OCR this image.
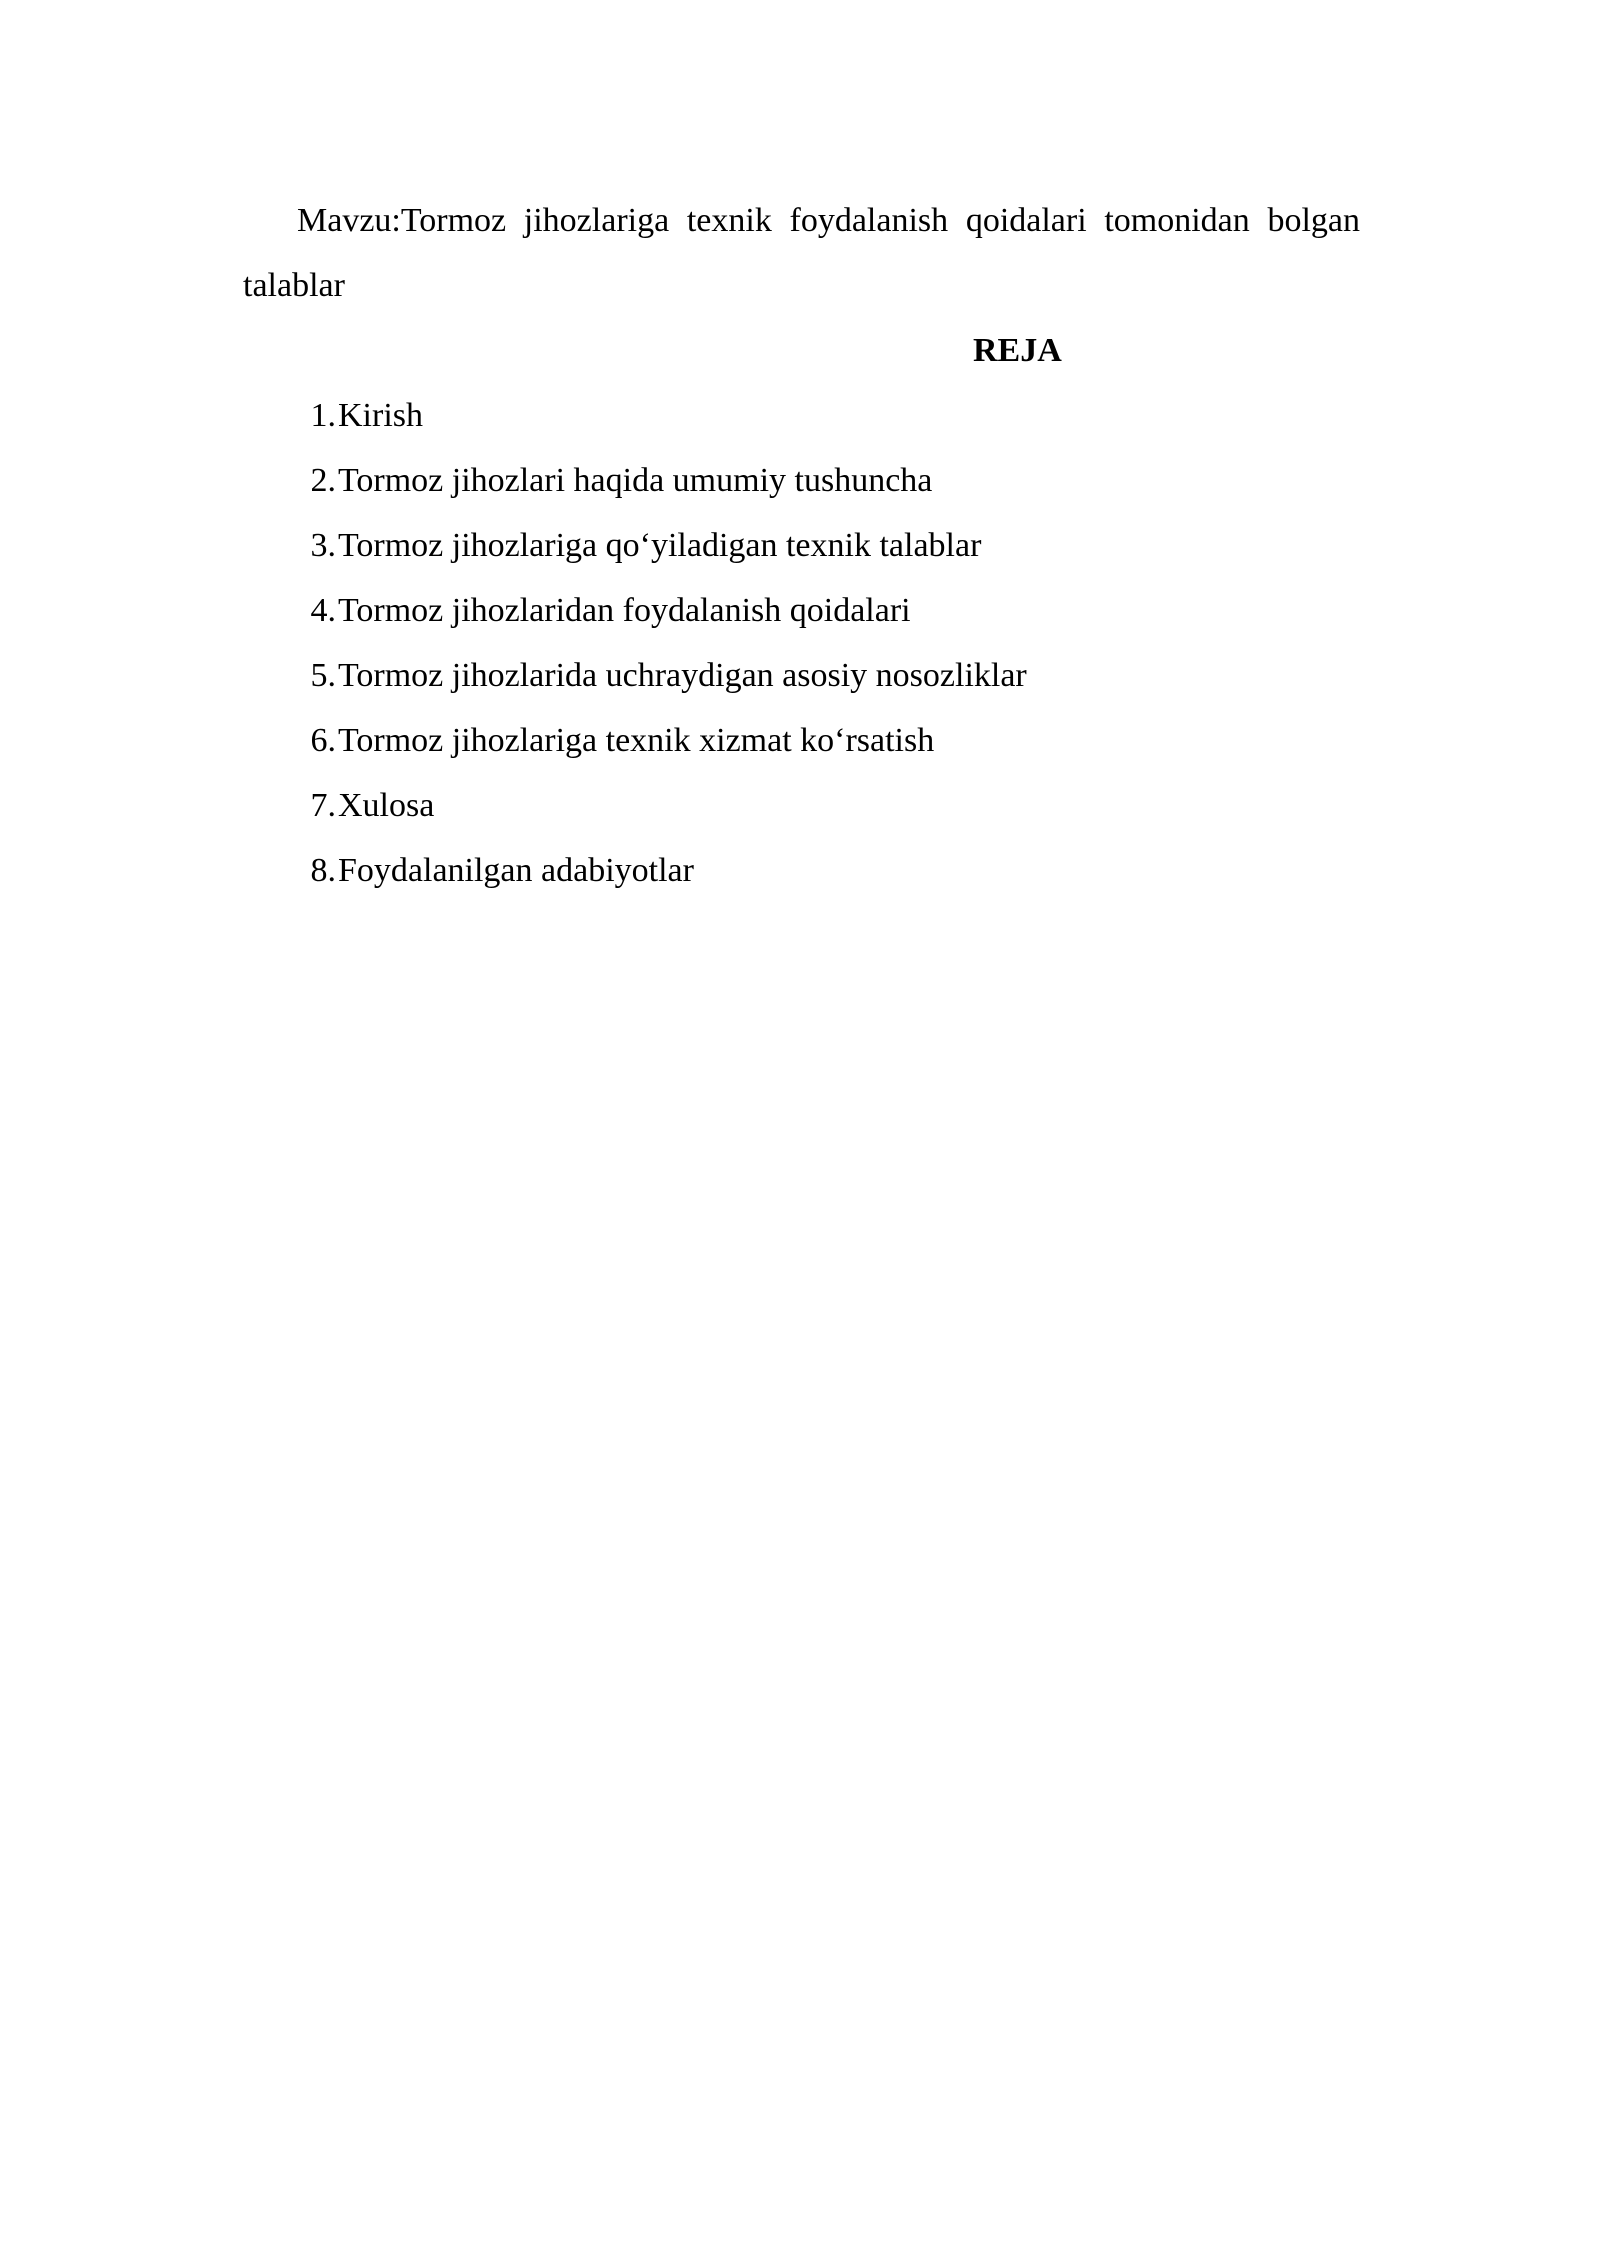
Mavzu:Tormoz jihozlariga texnik foydalanish qoidalari tomonidan bolgan talablar

REJA

1. Kirish
2. Tormoz jihozlari haqida umumiy tushuncha
3. Tormoz jihozlariga qo‘yiladigan texnik talablar
4. Tormoz jihozlaridan foydalanish qoidalari
5. Tormoz jihozlarida uchraydigan asosiy nosozliklar
6. Tormoz jihozlariga texnik xizmat ko‘rsatish
7. Xulosa
8. Foydalanilgan adabiyotlar
